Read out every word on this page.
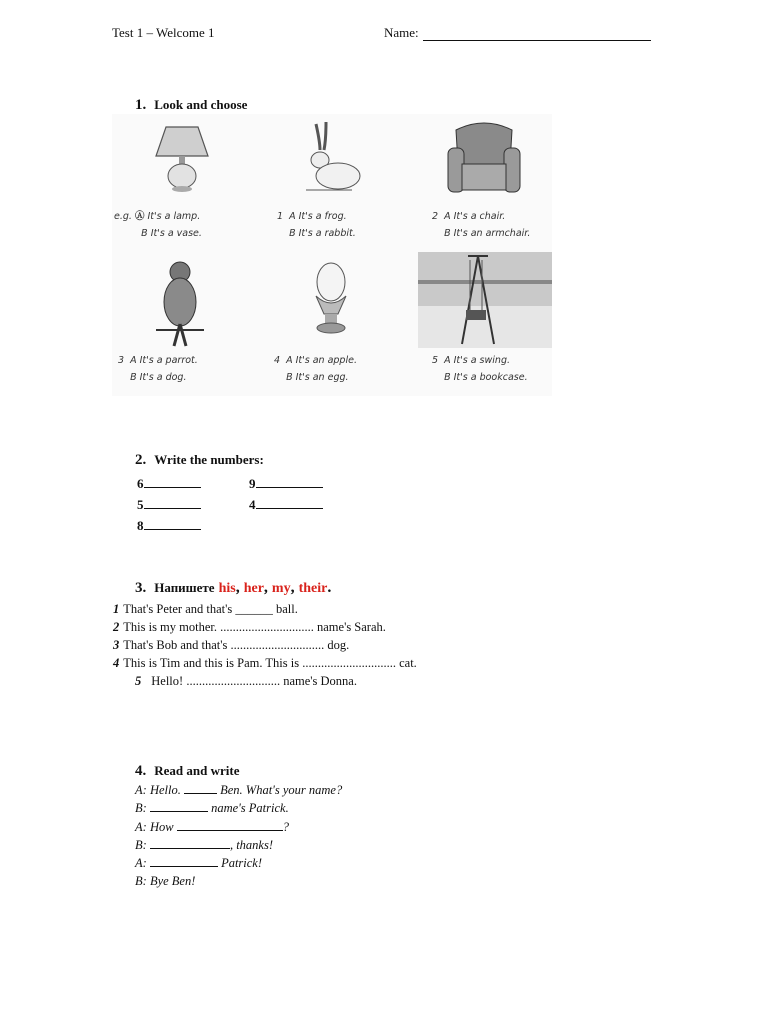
Test 1 – Welcome 1	Name:
1. Look and choose
e.g. Ⓐ It's a lamp.
B It's a vase.
1  A It's a frog.
B It's a rabbit.
2  A It's a chair.
B It's an armchair.
3  A It's a parrot.
B It's a dog.
4  A It's an apple.
B It's an egg.
5  A It's a swing.
B It's a bookcase.
2. Write the numbers:
6	9
5	4
8
3. Напишете his, her, my, their.
1 That's Peter and that's ______ ball.
2 This is my mother. .............................. name's Sarah.
3 That's Bob and that's .............................. dog.
4 This is Tim and this is Pam. This is .............................. cat.
5 Hello! .............................. name's Donna.
4. Read and write
A: Hello.	Ben. What's your name?
B:	name's Patrick.
A: How	?
B:	, thanks!
A:	Patrick!
B: Bye Ben!
